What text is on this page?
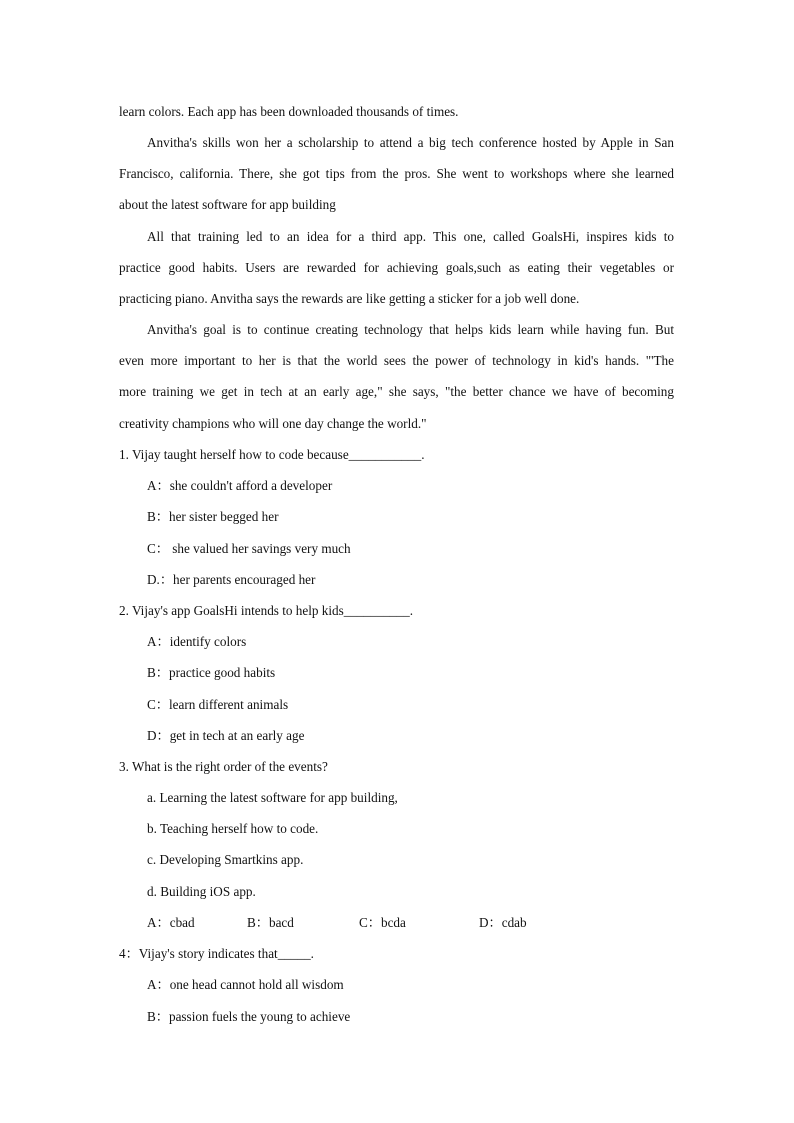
learn colors. Each app has been downloaded thousands of times.

Anvitha's skills won her a scholarship to attend a big tech conference hosted by Apple in San

Francisco, california. There, she got tips from the pros. She went to workshops where she learned

about the latest software for app building

All that training led to an idea for a third app. This one, called GoalsHi, inspires kids to

practice good habits. Users are rewarded for achieving goals,such as eating their vegetables or

practicing piano. Anvitha says the rewards are like getting a sticker for a job well done.

Anvitha's goal is to continue creating technology that helps kids learn while having fun. But

even more important to her is that the world sees the power of technology in kid's hands. "'The

more training we get in tech at an early age," she says, "the better chance we have of becoming

creativity champions who will one day change the world."

1. Vijay taught herself how to code because___________.

A：she couldn't afford a developer

B：her sister begged her

C： she valued her savings very much

D.：her parents encouraged her

2. Vijay's app GoalsHi intends to help kids__________.

A：identify colors

B：practice good habits

C：learn different animals

D：get in tech at an early age

3. What is the right order of the events?

a. Learning the latest software for app building,

b. Teaching herself how to code.

c. Developing Smartkins app.

d. Building iOS app.

A：cbad	B：bacd	C：bcda	D：cdab

4：Vijay's story indicates that_____.

A：one head cannot hold all wisdom

B：passion fuels the young to achieve
